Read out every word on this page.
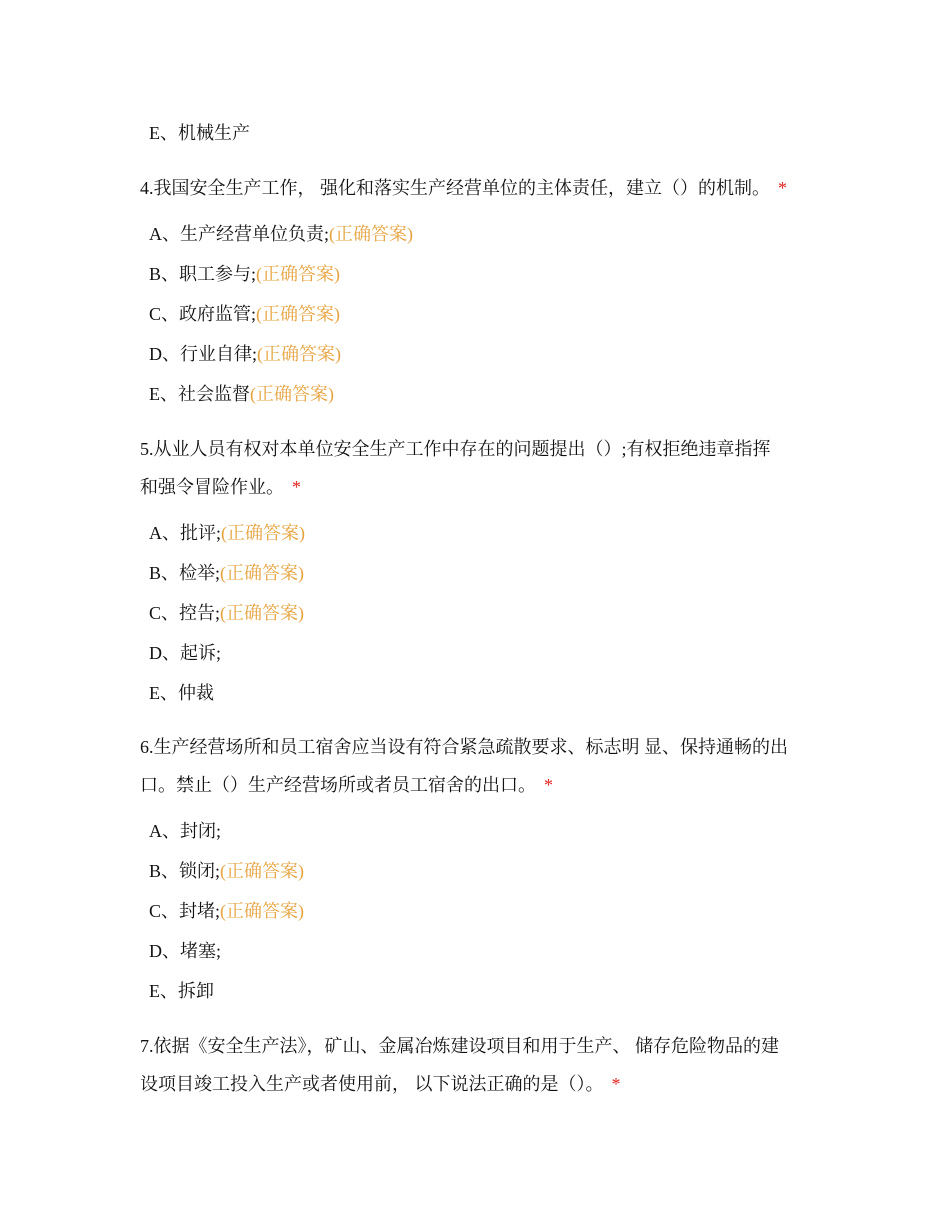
E、机械生产
4.我国安全生产工作， 强化和落实生产经营单位的主体责任，建立（）的机制。 *
A、生产经营单位负责;(正确答案)
B、职工参与;(正确答案)
C、政府监管;(正确答案)
D、行业自律;(正确答案)
E、社会监督(正确答案)
5.从业人员有权对本单位安全生产工作中存在的问题提出（）;有权拒绝违章指挥
和强令冒险作业。 *
A、批评;(正确答案)
B、检举;(正确答案)
C、控告;(正确答案)
D、起诉;
E、仲裁
6.生产经营场所和员工宿舍应当设有符合紧急疏散要求、标志明 显、保持通畅的出
口。禁止（）生产经营场所或者员工宿舍的出口。 *
A、封闭;
B、锁闭;(正确答案)
C、封堵;(正确答案)
D、堵塞;
E、拆卸
7.依据《安全生产法》，矿山、金属冶炼建设项目和用于生产、 储存危险物品的建
设项目竣工投入生产或者使用前， 以下说法正确的是（）。 *
